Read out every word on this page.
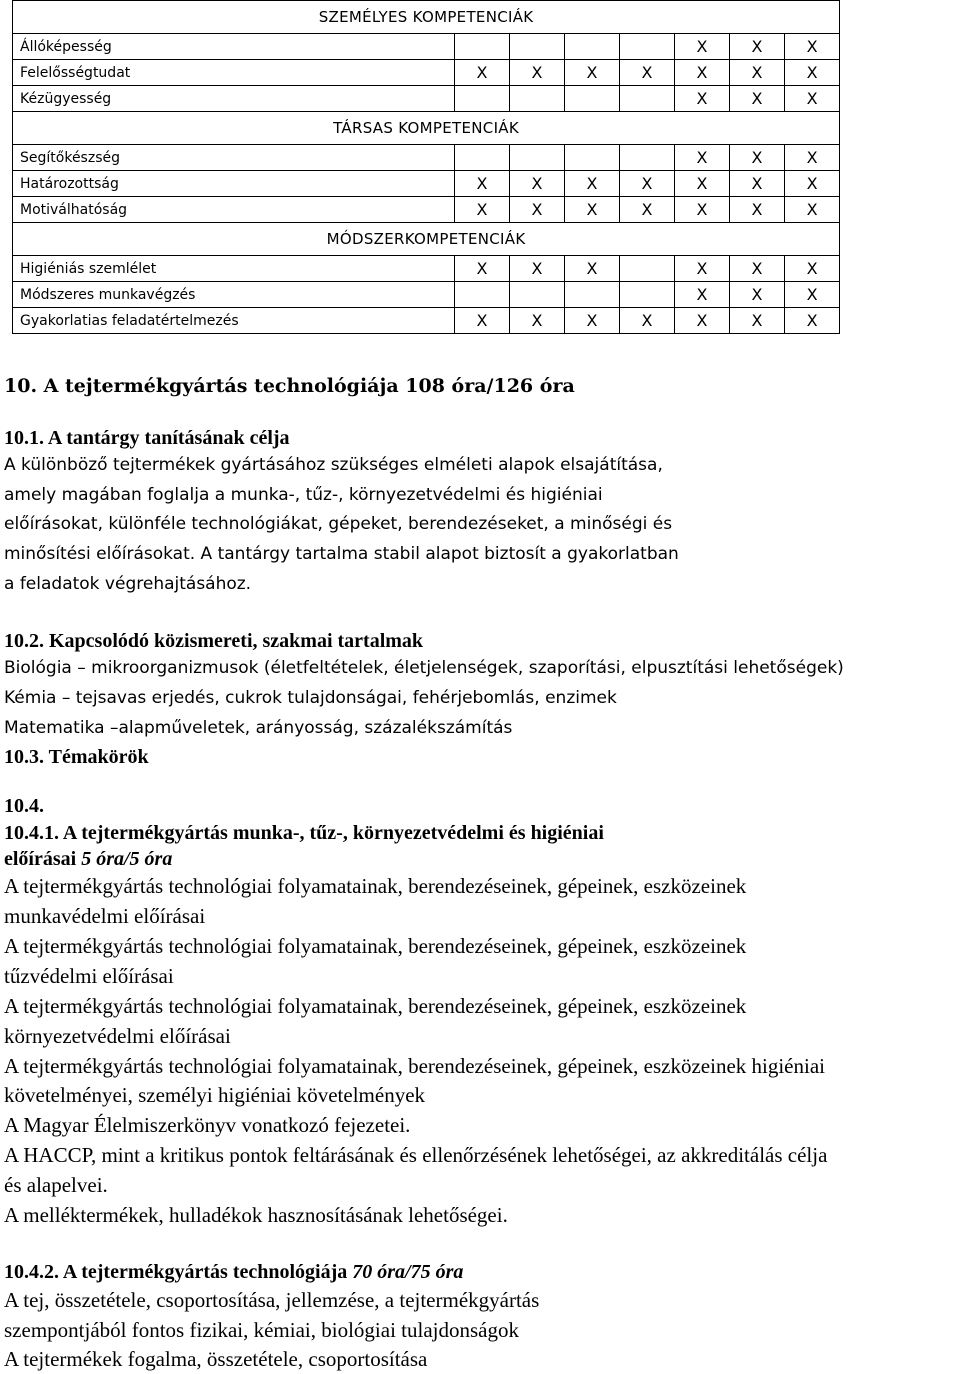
SZEMÉLYES KOMPETENCIÁK							
Állóképesség					X	X	X
Felelősségtudat	X	X	X	X	X	X	X
Kézügyesség					X	X	X
TÁRSAS KOMPETENCIÁK							
Segítőkészség					X	X	X
Határozottság	X	X	X	X	X	X	X
Motiválhatóság	X	X	X	X	X	X	X
MÓDSZERKOMPETENCIÁK							
Higiéniás szemlélet	X	X	X		X	X	X
Módszeres munkavégzés					X	X	X
Gyakorlatias feladatértelmezés	X	X	X	X	X	X	X
10. A tejtermékgyártás technológiája 108 óra/126 óra
10.1. A tantárgy tanításának célja
A különböző tejtermékek gyártásához szükséges elméleti alapok elsajátítása,
amely magában foglalja a munka-, tűz-, környezetvédelmi és higiéniai
előírásokat, különféle technológiákat, gépeket, berendezéseket, a minőségi és
minősítési előírásokat. A tantárgy tartalma stabil alapot biztosít a gyakorlatban
a feladatok végrehajtásához.
10.2. Kapcsolódó közismereti, szakmai tartalmak
Biológia – mikroorganizmusok (életfeltételek, életjelenségek, szaporítási, elpusztítási lehetőségek)
Kémia – tejsavas erjedés, cukrok tulajdonságai, fehérjebomlás, enzimek
Matematika –alapműveletek, arányosság, százalékszámítás
10.3. Témakörök
10.4.
10.4.1. A tejtermékgyártás munka-, tűz-, környezetvédelmi és higiéniai
előírásai 5 óra/5 óra
A tejtermékgyártás technológiai folyamatainak, berendezéseinek, gépeinek, eszközeinek
munkavédelmi előírásai
A tejtermékgyártás technológiai folyamatainak, berendezéseinek, gépeinek, eszközeinek
tűzvédelmi előírásai
A tejtermékgyártás technológiai folyamatainak, berendezéseinek, gépeinek, eszközeinek
környezetvédelmi előírásai
A tejtermékgyártás technológiai folyamatainak, berendezéseinek, gépeinek, eszközeinek higiéniai
követelményei, személyi higiéniai követelmények
A Magyar Élelmiszerkönyv vonatkozó fejezetei.
A HACCP, mint a kritikus pontok feltárásának és ellenőrzésének lehetőségei, az akkreditálás célja
és alapelvei.
A melléktermékek, hulladékok hasznosításának lehetőségei.
10.4.2. A tejtermékgyártás technológiája 70 óra/75 óra
A tej, összetétele, csoportosítása, jellemzése, a tejtermékgyártás
szempontjából fontos fizikai, kémiai, biológiai tulajdonságok
A tejtermékek fogalma, összetétele, csoportosítása
